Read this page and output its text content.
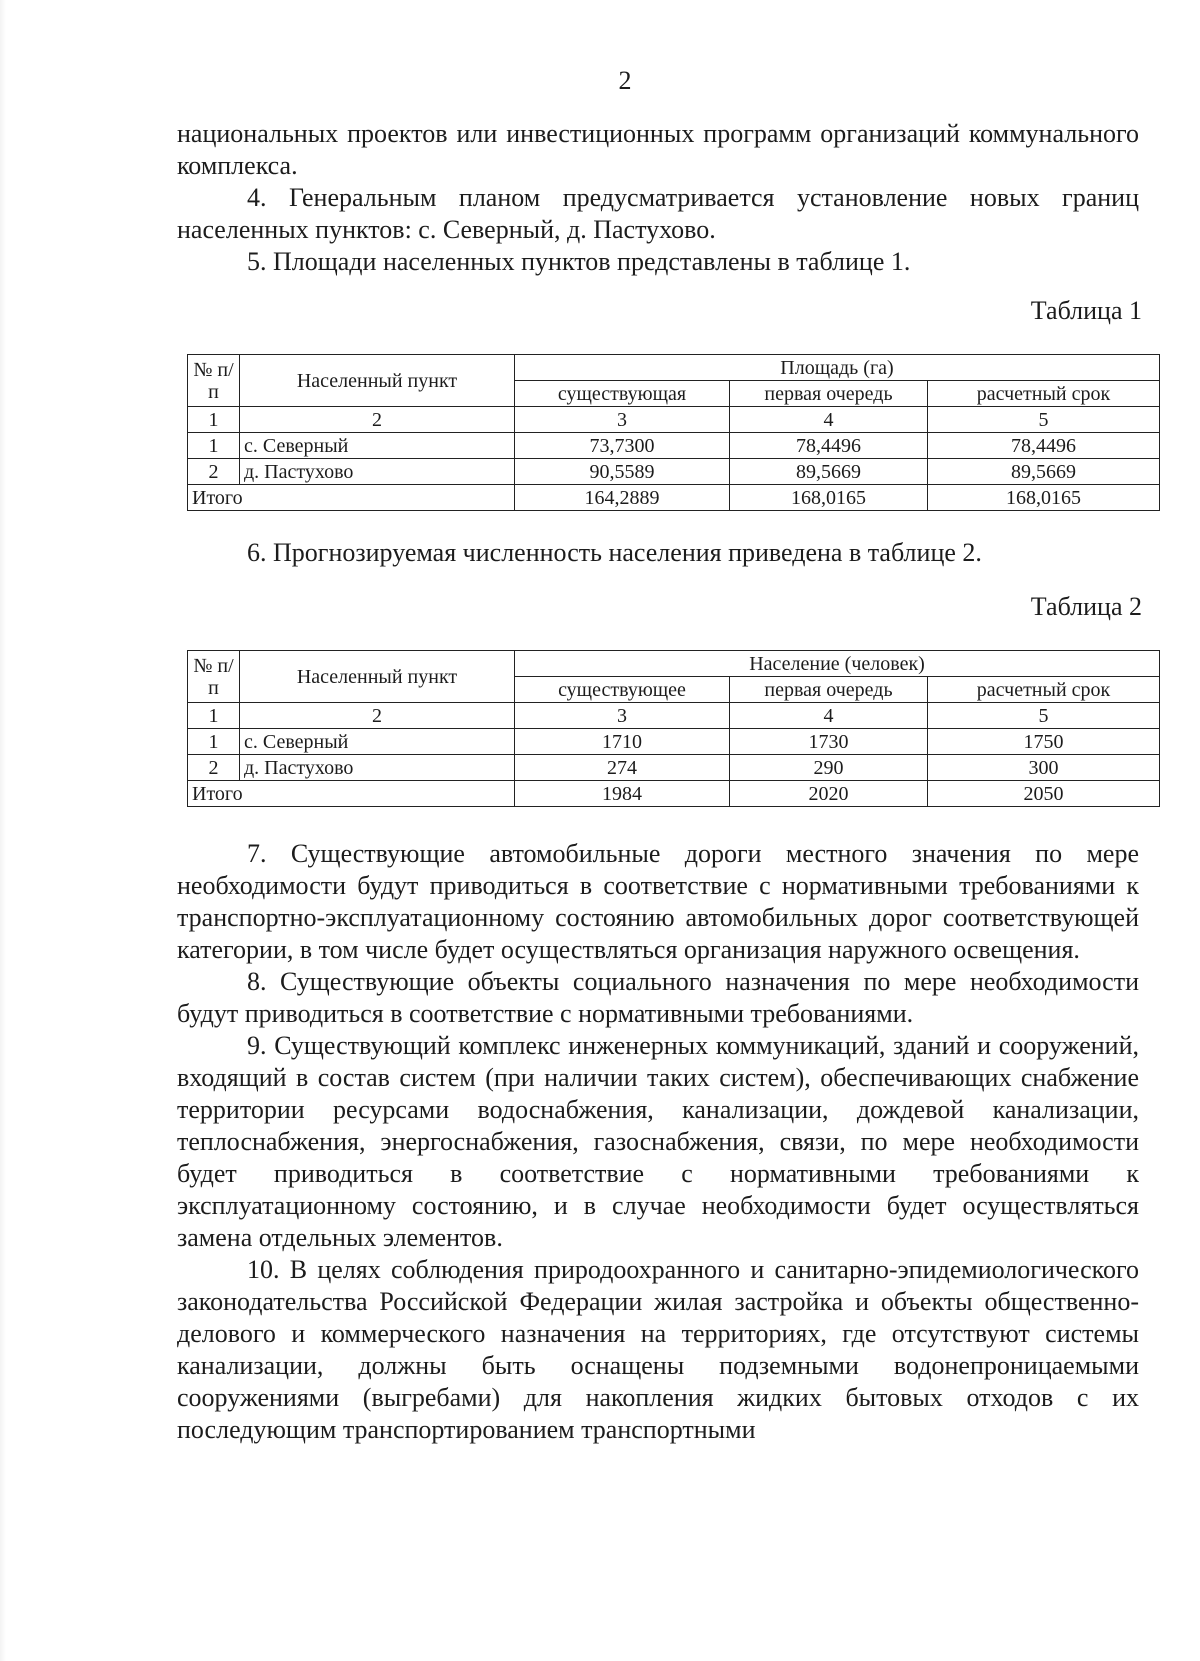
2

национальных проектов или инвестиционных программ организаций коммунального комплекса.

4. Генеральным планом предусматривается установление новых границ населенных пунктов: с. Северный, д. Пастухово.

5. Площади населенных пунктов представлены в таблице 1.

Таблица 1
№ п/п	Населенный пункт	Площадь (га)		
		существующая	первая очередь	расчетный срок
1	2	3	4	5
1	с. Северный	73,7300	78,4496	78,4496
2	д. Пастухово	90,5589	89,5669	89,5669
Итого		164,2889	168,0165	168,0165

6. Прогнозируемая численность населения приведена в таблице 2.

Таблица 2
№ п/п	Населенный пункт	Население (человек)		
		существующее	первая очередь	расчетный срок
1	2	3	4	5
1	с. Северный	1710	1730	1750
2	д. Пастухово	274	290	300
Итого		1984	2020	2050

7. Существующие автомобильные дороги местного значения по мере необходимости будут приводиться в соответствие с нормативными требованиями к транспортно-эксплуатационному состоянию автомобильных дорог соответствующей категории, в том числе будет осуществляться организация наружного освещения.

8. Существующие объекты социального назначения по мере необходимости будут приводиться в соответствие с нормативными требованиями.

9. Существующий комплекс инженерных коммуникаций, зданий и сооружений, входящий в состав систем (при наличии таких систем), обеспечивающих снабжение территории ресурсами водоснабжения, канализации, дождевой канализации, теплоснабжения, энергоснабжения, газоснабжения, связи, по мере необходимости будет приводиться в соответствие с нормативными требованиями к эксплуатационному состоянию, и в случае необходимости будет осуществляться замена отдельных элементов.

10. В целях соблюдения природоохранного и санитарно-эпидемиологического законодательства Российской Федерации жилая застройка и объекты общественно-делового и коммерческого назначения на территориях, где отсутствуют системы канализации, должны быть оснащены подземными водонепроницаемыми сооружениями (выгребами) для накопления жидких бытовых отходов с их последующим транспортированием транспортными
